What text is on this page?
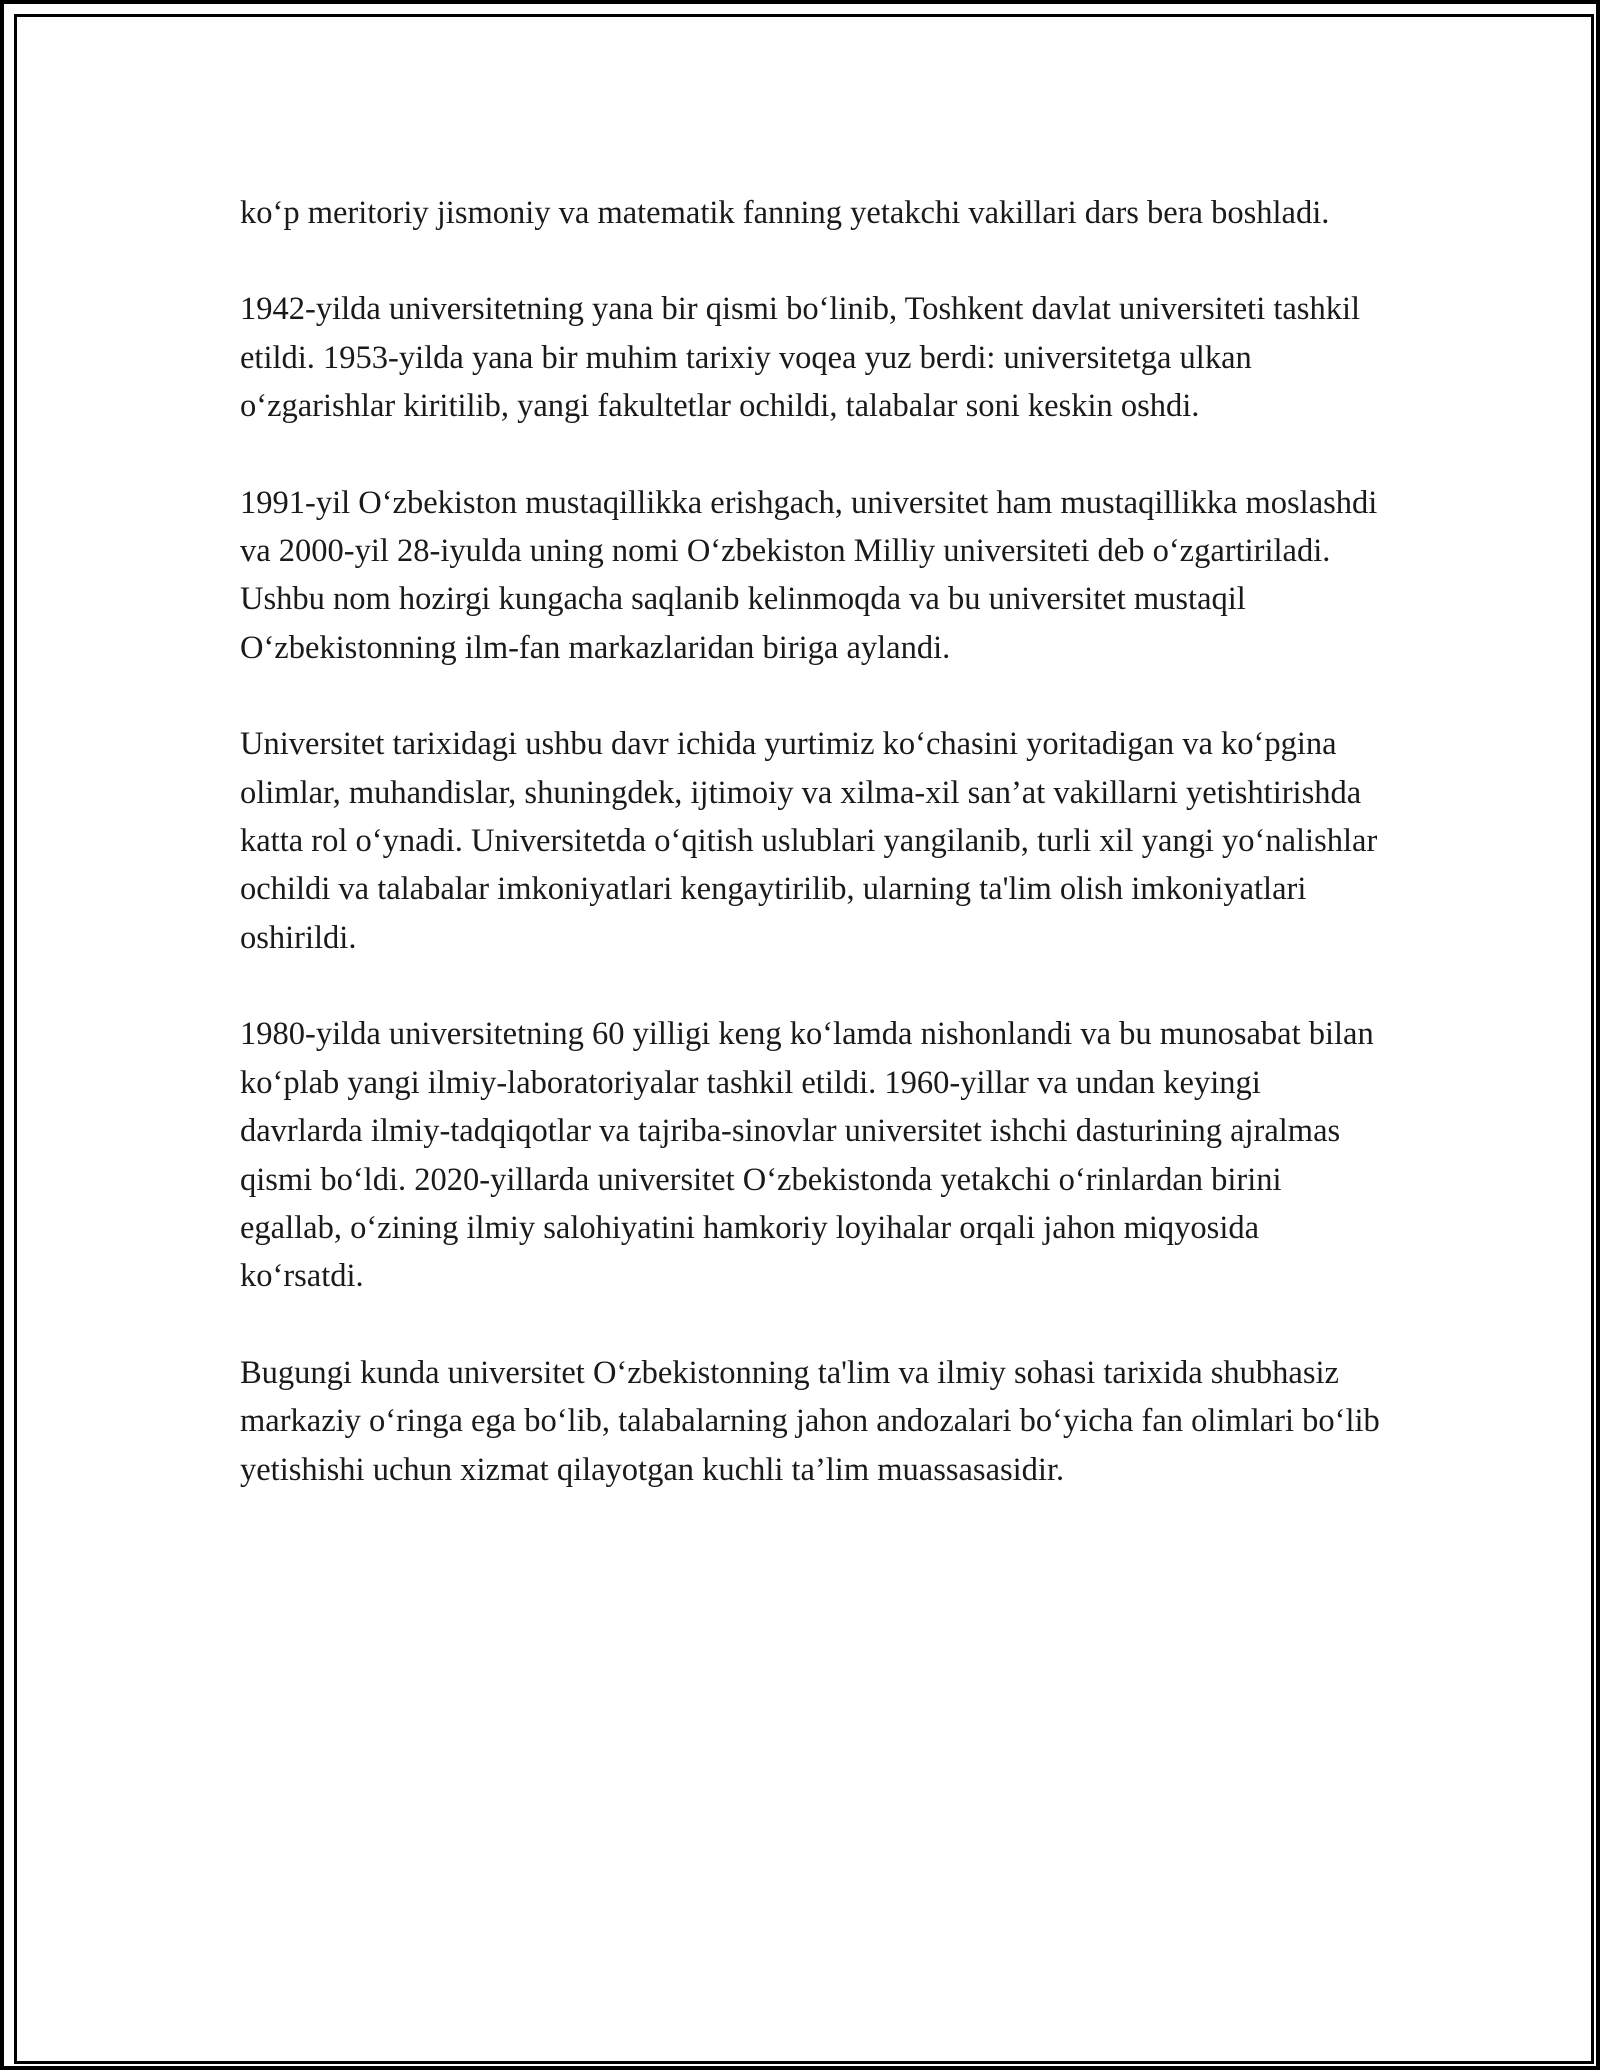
ko‘p meritoriy jismoniy va matematik fanning yetakchi vakillari dars bera boshladi.

1942-yilda universitetning yana bir qismi bo‘linib, Toshkent davlat universiteti tashkil etildi. 1953-yilda yana bir muhim tarixiy voqea yuz berdi: universitetga ulkan o‘zgarishlar kiritilib, yangi fakultetlar ochildi, talabalar soni keskin oshdi.

1991-yil O‘zbekiston mustaqillikka erishgach, universitet ham mustaqillikka moslashdi va 2000-yil 28-iyulda uning nomi O‘zbekiston Milliy universiteti deb o‘zgartiriladi. Ushbu nom hozirgi kungacha saqlanib kelinmoqda va bu universitet mustaqil O‘zbekistonning ilm-fan markazlaridan biriga aylandi.

Universitet tarixidagi ushbu davr ichida yurtimiz ko‘chasini yoritadigan va ko‘pgina olimlar, muhandislar, shuningdek, ijtimoiy va xilma-xil san’at vakillarni yetishtirishda katta rol o‘ynadi. Universitetda o‘qitish uslublari yangilanib, turli xil yangi yo‘nalishlar ochildi va talabalar imkoniyatlari kengaytirilib, ularning ta'lim olish imkoniyatlari oshirildi.

1980-yilda universitetning 60 yilligi keng ko‘lamda nishonlandi va bu munosabat bilan ko‘plab yangi ilmiy-laboratoriyalar tashkil etildi. 1960-yillar va undan keyingi davrlarda ilmiy-tadqiqotlar va tajriba-sinovlar universitet ishchi dasturining ajralmas qismi bo‘ldi. 2020-yillarda universitet O‘zbekistonda yetakchi o‘rinlardan birini egallab, o‘zining ilmiy salohiyatini hamkoriy loyihalar orqali jahon miqyosida ko‘rsatdi.

Bugungi kunda universitet O‘zbekistonning ta'lim va ilmiy sohasi tarixida shubhasiz markaziy o‘ringa ega bo‘lib, talabalarning jahon andozalari bo‘yicha fan olimlari bo‘lib yetishishi uchun xizmat qilayotgan kuchli ta’lim muassasasidir.
